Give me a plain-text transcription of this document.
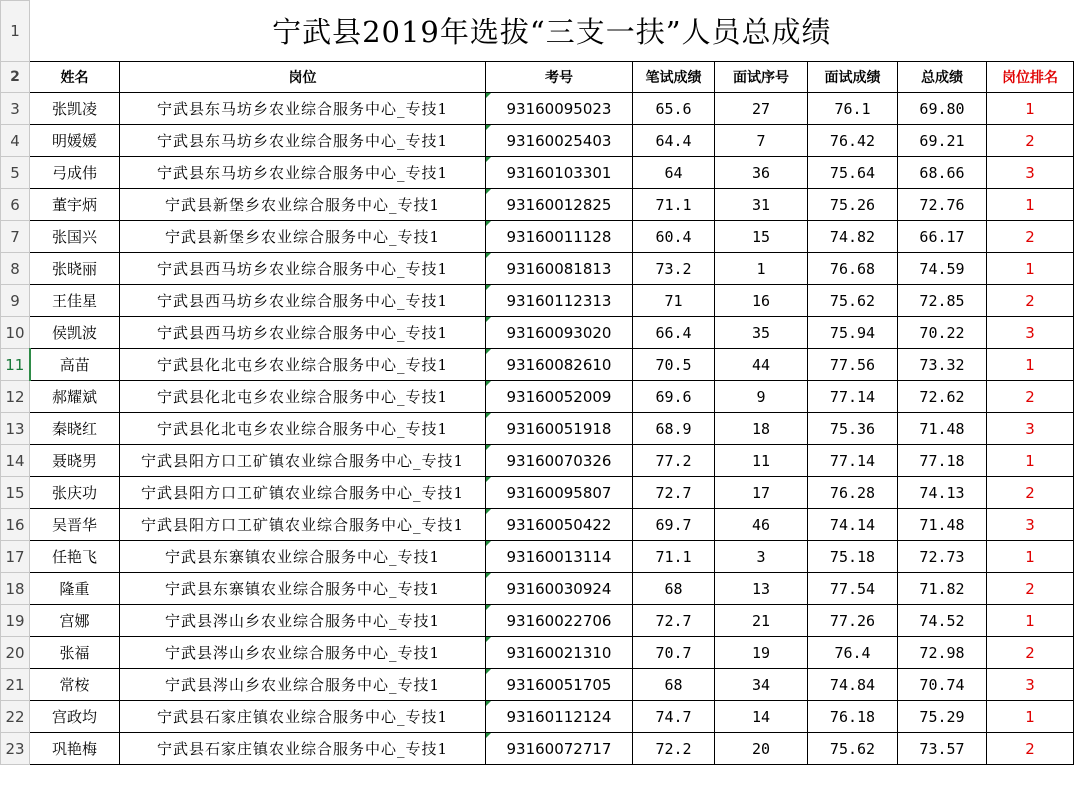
1	宁武县2019年选拔“三支一扶”人员总成绩							
2	姓名	岗位	考号	笔试成绩	面试序号	面试成绩	总成绩	岗位排名
3	张凯凌	宁武县东马坊乡农业综合服务中心_专技1	93160095023	65.6	27	76.1	69.80	1
4	明媛媛	宁武县东马坊乡农业综合服务中心_专技1	93160025403	64.4	7	76.42	69.21	2
5	弓成伟	宁武县东马坊乡农业综合服务中心_专技1	93160103301	64	36	75.64	68.66	3
6	董宇炳	宁武县新堡乡农业综合服务中心_专技1	93160012825	71.1	31	75.26	72.76	1
7	张国兴	宁武县新堡乡农业综合服务中心_专技1	93160011128	60.4	15	74.82	66.17	2
8	张晓丽	宁武县西马坊乡农业综合服务中心_专技1	93160081813	73.2	1	76.68	74.59	1
9	王佳星	宁武县西马坊乡农业综合服务中心_专技1	93160112313	71	16	75.62	72.85	2
10	侯凯波	宁武县西马坊乡农业综合服务中心_专技1	93160093020	66.4	35	75.94	70.22	3
11	高苗	宁武县化北屯乡农业综合服务中心_专技1	93160082610	70.5	44	77.56	73.32	1
12	郝耀斌	宁武县化北屯乡农业综合服务中心_专技1	93160052009	69.6	9	77.14	72.62	2
13	秦晓红	宁武县化北屯乡农业综合服务中心_专技1	93160051918	68.9	18	75.36	71.48	3
14	聂晓男	宁武县阳方口工矿镇农业综合服务中心_专技1	93160070326	77.2	11	77.14	77.18	1
15	张庆功	宁武县阳方口工矿镇农业综合服务中心_专技1	93160095807	72.7	17	76.28	74.13	2
16	吴晋华	宁武县阳方口工矿镇农业综合服务中心_专技1	93160050422	69.7	46	74.14	71.48	3
17	任艳飞	宁武县东寨镇农业综合服务中心_专技1	93160013114	71.1	3	75.18	72.73	1
18	隆重	宁武县东寨镇农业综合服务中心_专技1	93160030924	68	13	77.54	71.82	2
19	宫娜	宁武县涔山乡农业综合服务中心_专技1	93160022706	72.7	21	77.26	74.52	1
20	张福	宁武县涔山乡农业综合服务中心_专技1	93160021310	70.7	19	76.4	72.98	2
21	常桉	宁武县涔山乡农业综合服务中心_专技1	93160051705	68	34	74.84	70.74	3
22	宫政均	宁武县石家庄镇农业综合服务中心_专技1	93160112124	74.7	14	76.18	75.29	1
23	巩艳梅	宁武县石家庄镇农业综合服务中心_专技1	93160072717	72.2	20	75.62	73.57	2
